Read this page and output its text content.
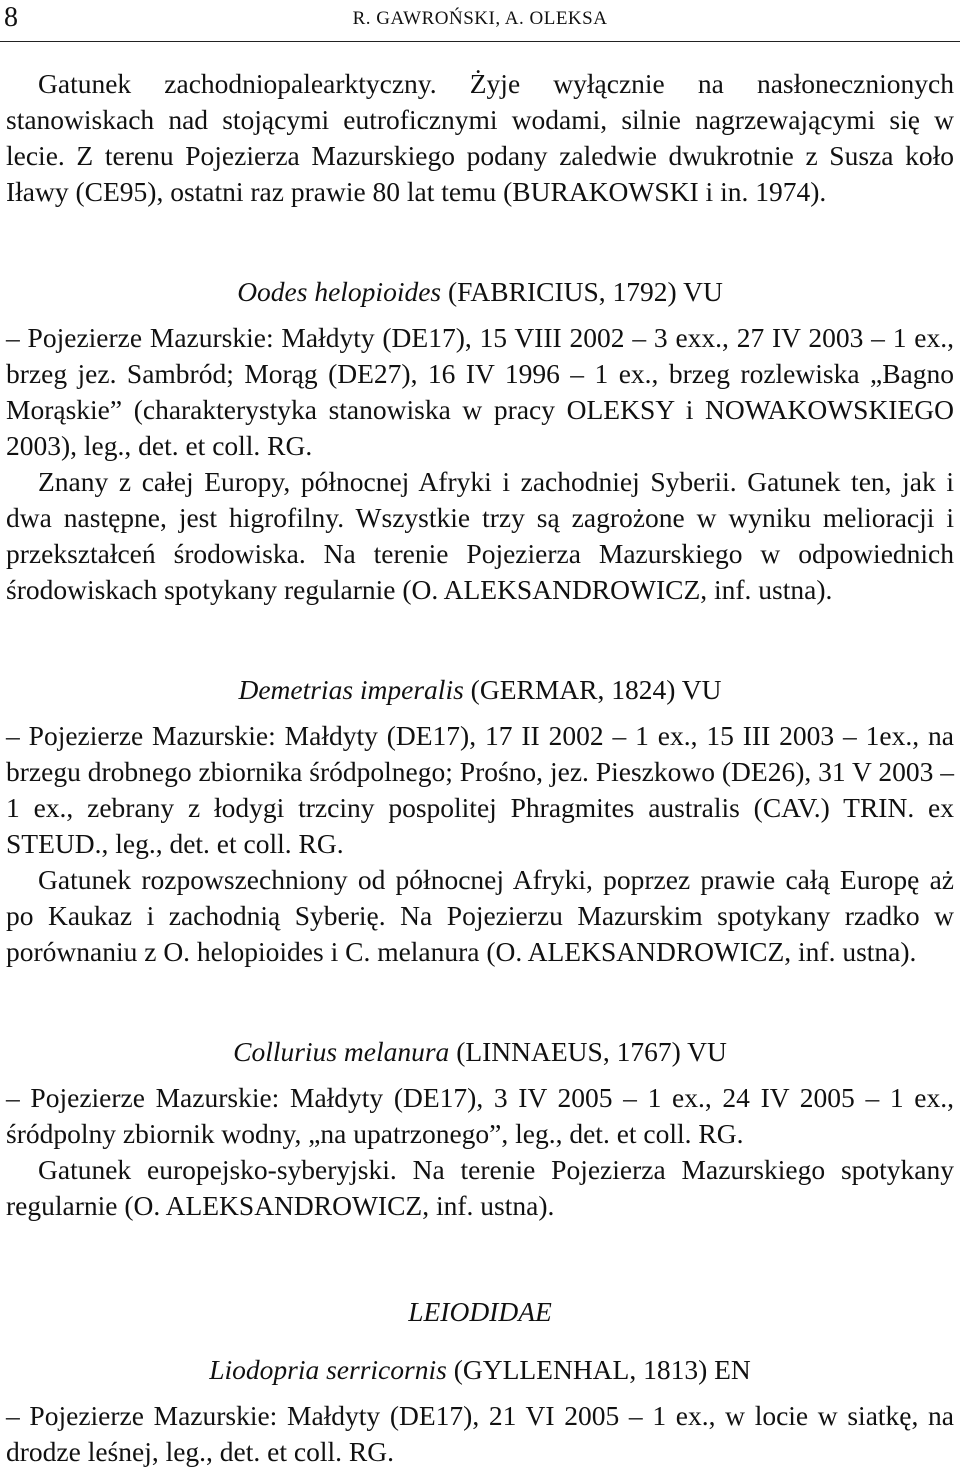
8	R. GAWROŃSKI, A. OLEKSA

Gatunek zachodniopalearktyczny. Żyje wyłącznie na nasłonecznionych stanowiskach nad stojącymi eutroficznymi wodami, silnie nagrzewającymi się w lecie. Z terenu Pojezierza Mazurskiego podany zaledwie dwukrotnie z Susza koło Iławy (CE95), ostatni raz prawie 80 lat temu (BURAKOWSKI i in. 1974).

Oodes helopioides (FABRICIUS, 1792) VU

– Pojezierze Mazurskie: Małdyty (DE17), 15 VIII 2002 – 3 exx., 27 IV 2003 – 1 ex., brzeg jez. Sambród; Morąg (DE27), 16 IV 1996 – 1 ex., brzeg rozlewiska „Bagno Morąskie” (charakterystyka stanowiska w pracy OLEKSY i NOWAKOWSKIEGO 2003), leg., det. et coll. RG.

Znany z całej Europy, północnej Afryki i zachodniej Syberii. Gatunek ten, jak i dwa następne, jest higrofilny. Wszystkie trzy są zagrożone w wyniku melioracji i przekształceń środowiska. Na terenie Pojezierza Mazurskiego w odpowiednich środowiskach spotykany regularnie (O. ALEKSANDROWICZ, inf. ustna).

Demetrias imperalis (GERMAR, 1824) VU

– Pojezierze Mazurskie: Małdyty (DE17), 17 II 2002 – 1 ex., 15 III 2003 – 1ex., na brzegu drobnego zbiornika śródpolnego; Prośno, jez. Pieszkowo (DE26), 31 V 2003 – 1 ex., zebrany z łodygi trzciny pospolitej Phragmites australis (CAV.) TRIN. ex STEUD., leg., det. et coll. RG.

Gatunek rozpowszechniony od północnej Afryki, poprzez prawie całą Europę aż po Kaukaz i zachodnią Syberię. Na Pojezierzu Mazurskim spotykany rzadko w porównaniu z O. helopioides i C. melanura (O. ALEKSANDROWICZ, inf. ustna).

Collurius melanura (LINNAEUS, 1767) VU

– Pojezierze Mazurskie: Małdyty (DE17), 3 IV 2005 – 1 ex., 24 IV 2005 – 1 ex., śródpolny zbiornik wodny, „na upatrzonego”, leg., det. et coll. RG.

Gatunek europejsko-syberyjski. Na terenie Pojezierza Mazurskiego spotykany regularnie (O. ALEKSANDROWICZ, inf. ustna).

LEIODIDAE

Liodopria serricornis (GYLLENHAL, 1813) EN

– Pojezierze Mazurskie: Małdyty (DE17), 21 VI 2005 – 1 ex., w locie w siatkę, na drodze leśnej, leg., det. et coll. RG.
